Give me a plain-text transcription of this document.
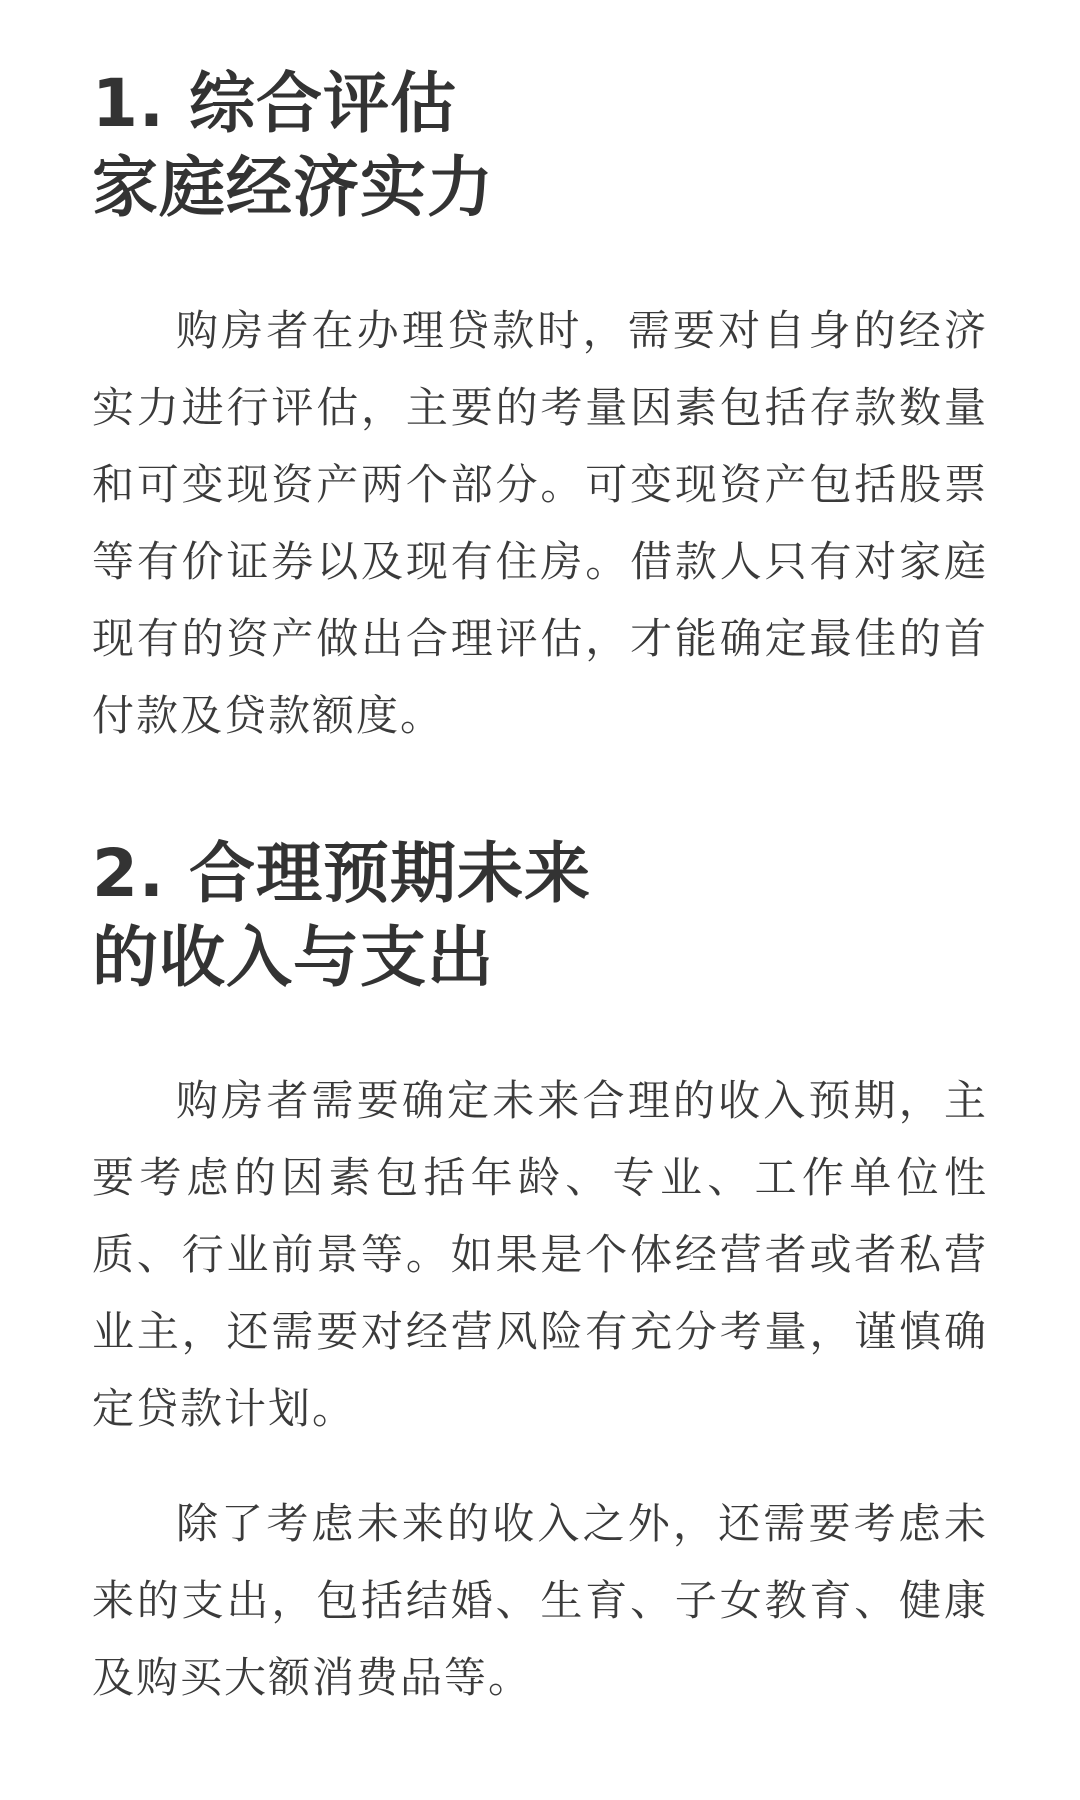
1. 综合评估
家庭经济实力

购房者在办理贷款时，需要对自身的经济实力进行评估，主要的考量因素包括存款数量和可变现资产两个部分。可变现资产包括股票等有价证券以及现有住房。借款人只有对家庭现有的资产做出合理评估，才能确定最佳的首付款及贷款额度。

2. 合理预期未来
的收入与支出

购房者需要确定未来合理的收入预期，主要考虑的因素包括年龄、专业、工作单位性质、行业前景等。如果是个体经营者或者私营业主，还需要对经营风险有充分考量，谨慎确定贷款计划。

除了考虑未来的收入之外，还需要考虑未来的支出，包括结婚、生育、子女教育、健康及购买大额消费品等。
